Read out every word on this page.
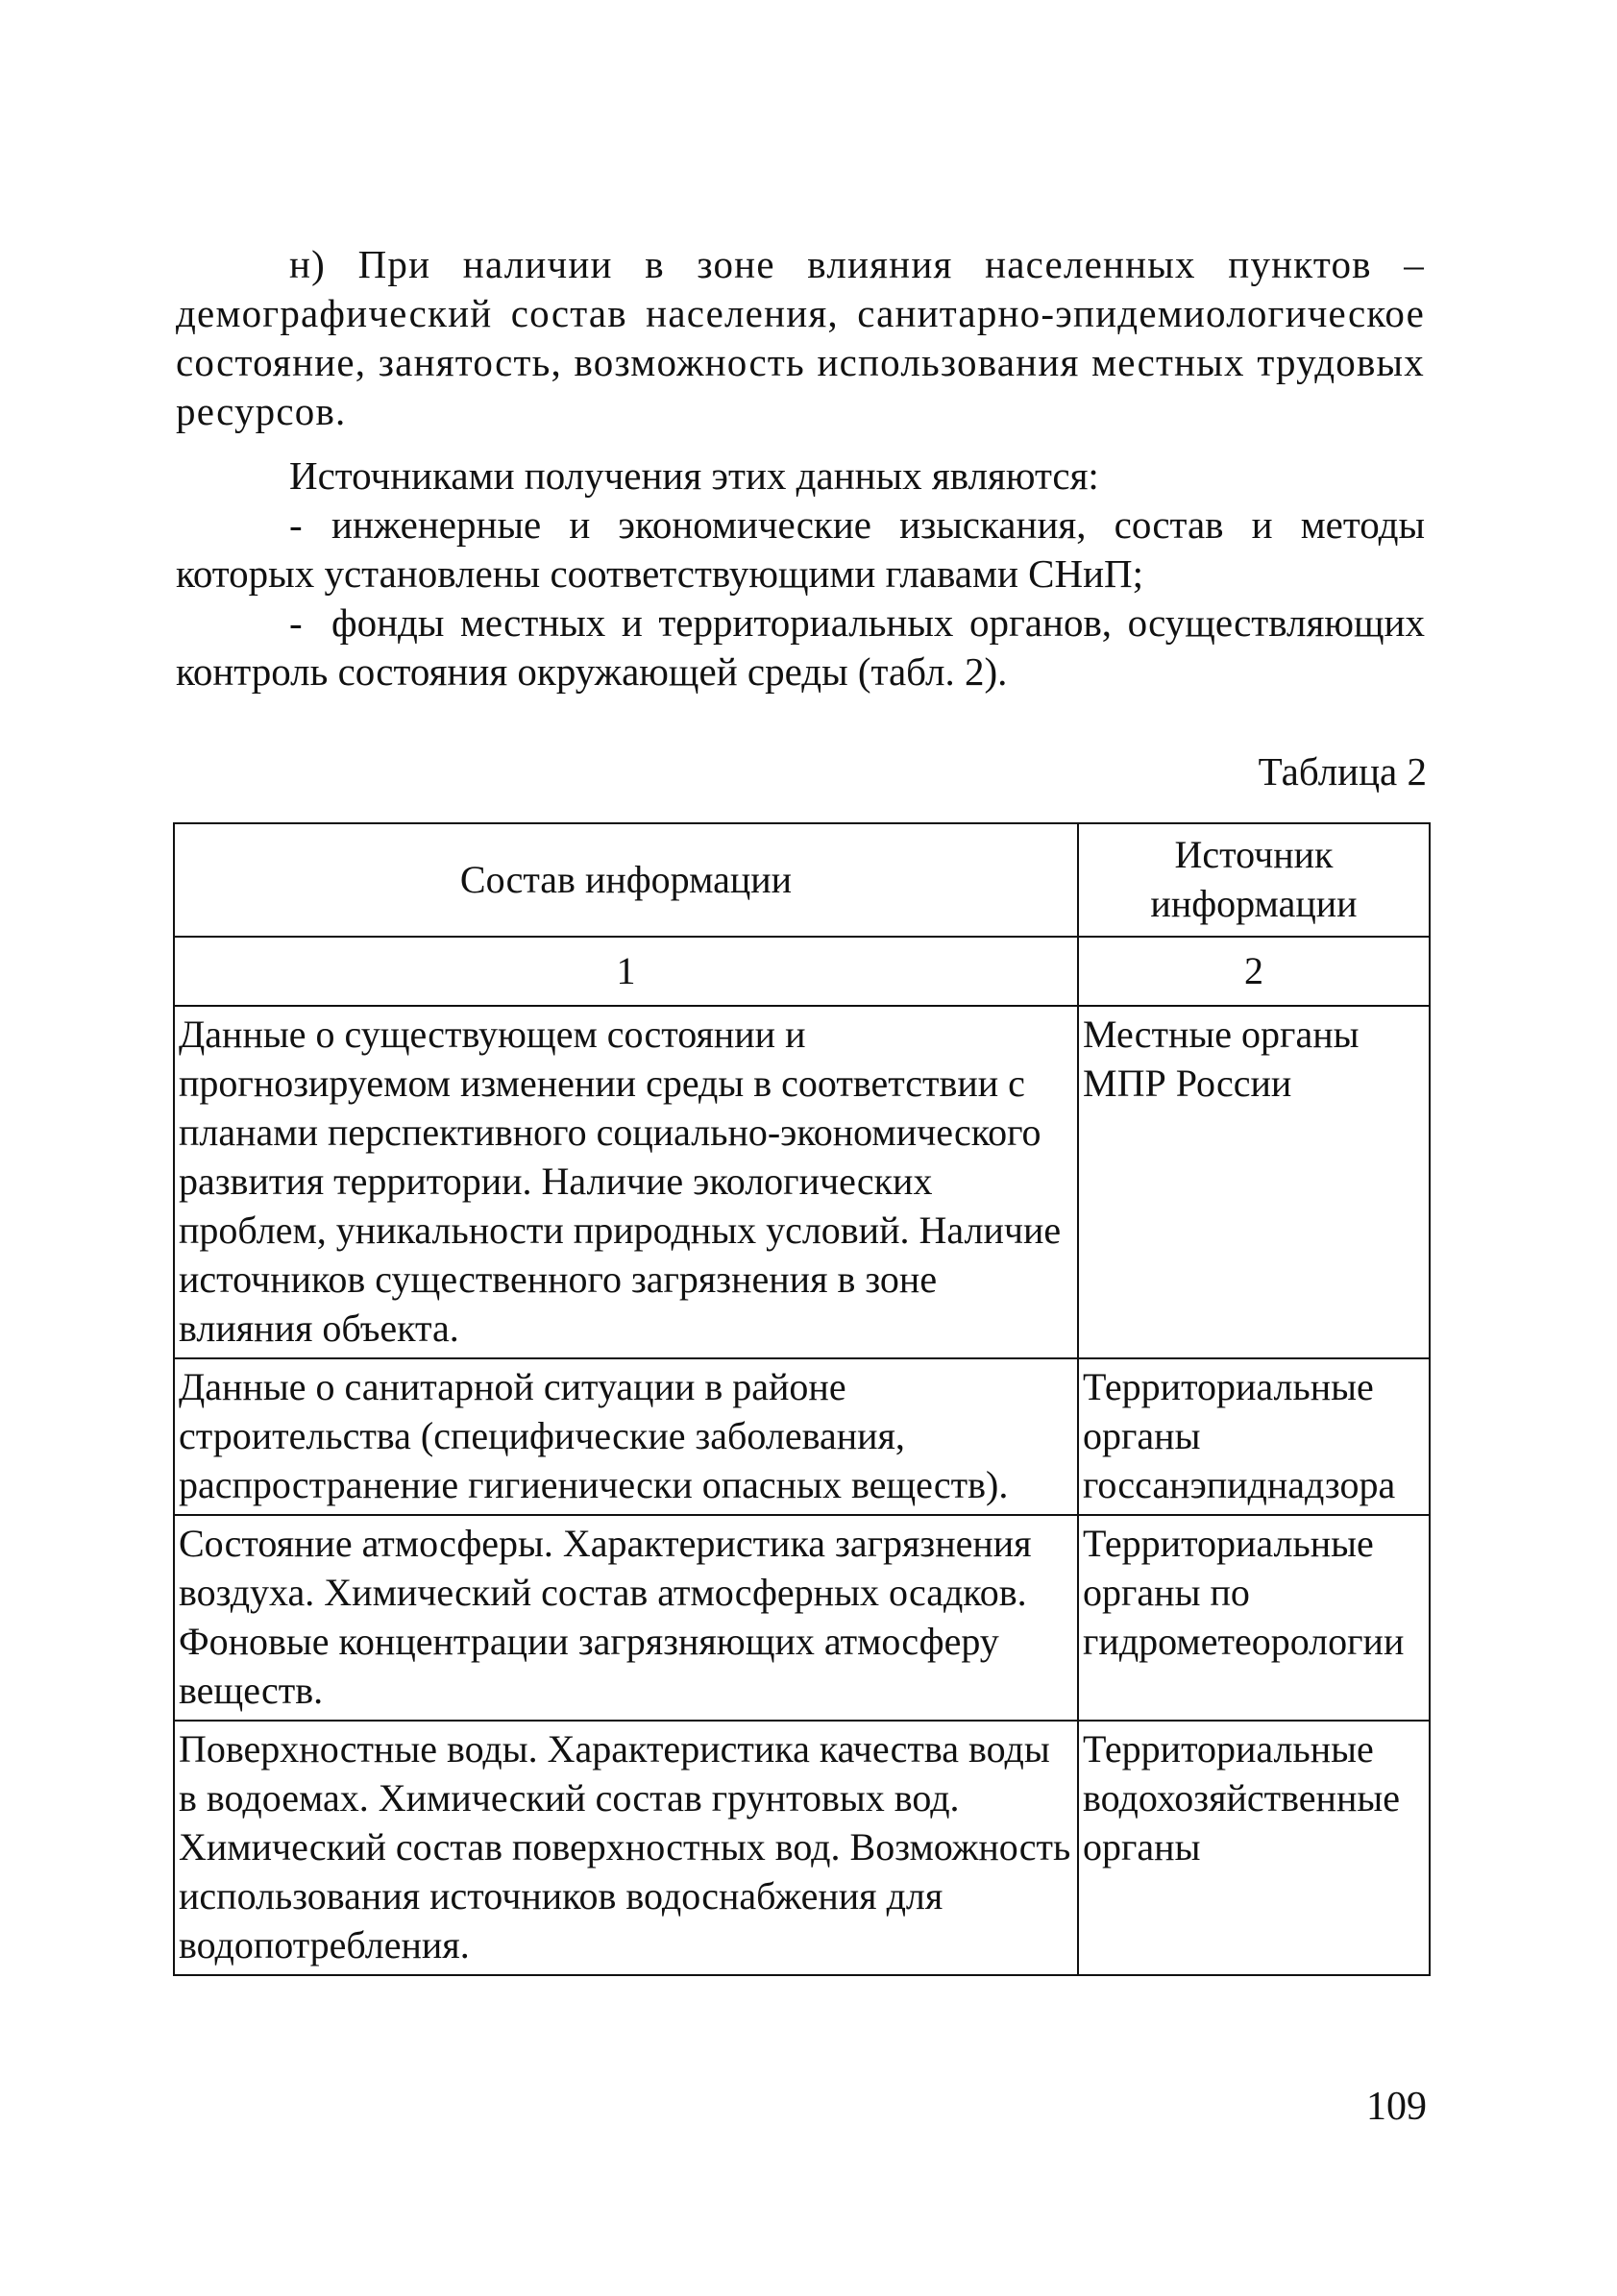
н) При наличии в зоне влияния населенных пунктов – демографический состав населения, санитарно-эпидемиологическое состояние, занятость, возможность использования местных трудовых ресурсов.

Источниками получения этих данных являются:

- инженерные и экономические изыскания, состав и методы которых установлены соответствующими главами СНиП;

- фонды местных и территориальных органов, осуществляющих контроль состояния окружающей среды (табл. 2).

Таблица 2
Состав информации	Источник информации
1	2
Данные о существующем состоянии и прогнозируемом изменении среды в соответствии с планами перспективного социально-экономического развития территории. Наличие экологических проблем, уникальности природных условий. Наличие источников существенного загрязнения в зоне влияния объекта.	Местные органы МПР России
Данные о санитарной ситуации в районе строительства (специфические заболевания, распространение гигиенически опасных веществ).	Территориальные органы госсанэпиднадзора
Состояние атмосферы. Характеристика загрязнения воздуха. Химический состав атмосферных осадков. Фоновые концентрации загрязняющих атмосферу веществ.	Территориальные органы по гидрометеорологии
Поверхностные воды. Характеристика качества воды в водоемах. Химический состав грунтовых вод. Химический состав поверхностных вод. Возможность использования источников водоснабжения для водопотребления.	Территориальные водохозяйственные органы
109
